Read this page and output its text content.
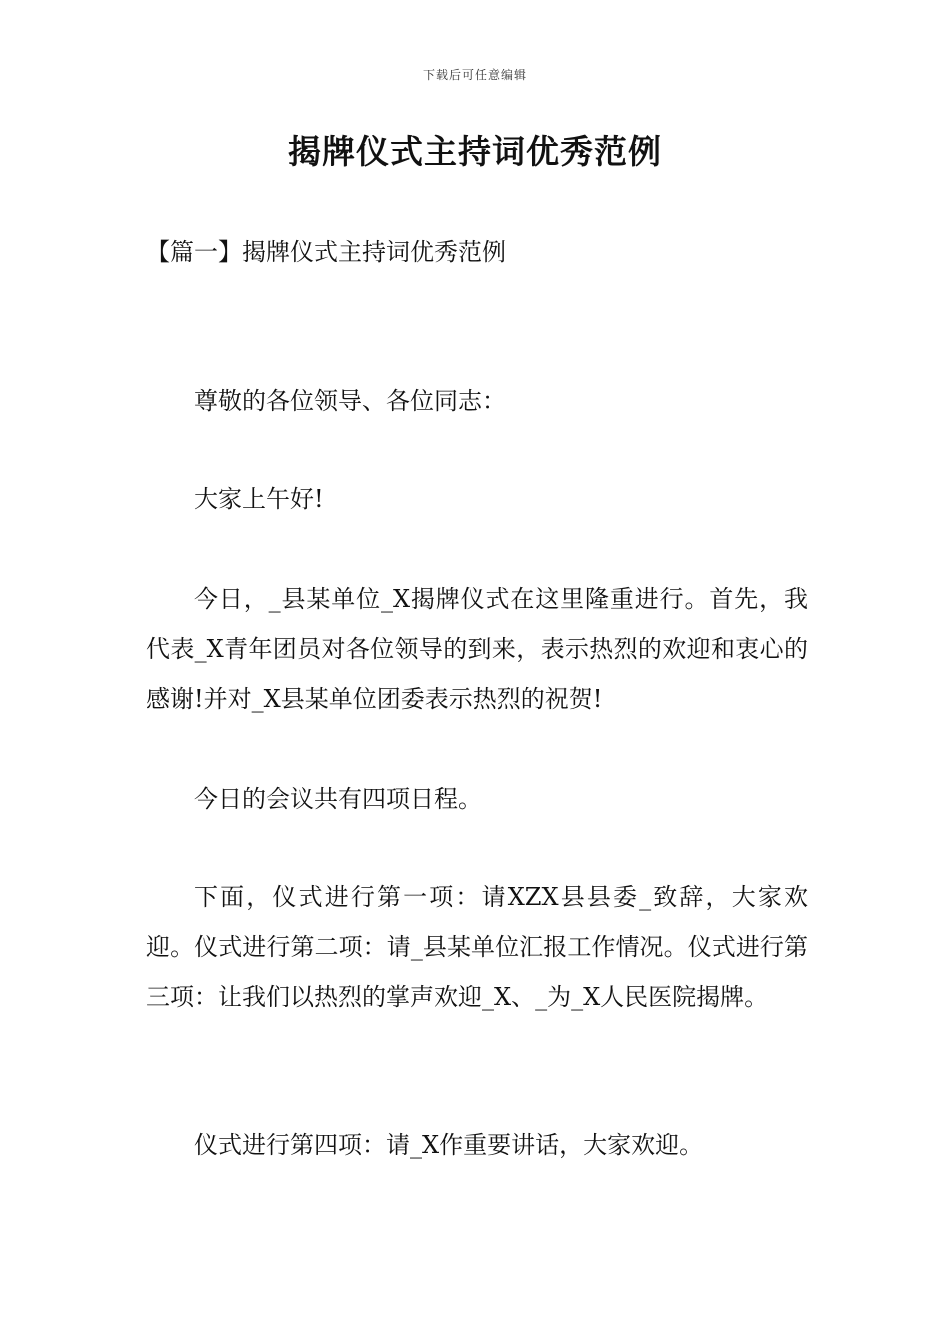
下载后可任意编辑
揭牌仪式主持词优秀范例
【篇一】揭牌仪式主持词优秀范例

尊敬的各位领导、各位同志：

大家上午好!

今日，_县某单位_X揭牌仪式在这里隆重进行。首先，我代表_X青年团员对各位领导的到来，表示热烈的欢迎和衷心的感谢!并对_X县某单位团委表示热烈的祝贺!

今日的会议共有四项日程。

下面，仪式进行第一项：请XZX县县委_致辞，大家欢迎。仪式进行第二项：请_县某单位汇报工作情况。仪式进行第三项：让我们以热烈的掌声欢迎_X、_为_X人民医院揭牌。

仪式进行第四项：请_X作重要讲话，大家欢迎。
